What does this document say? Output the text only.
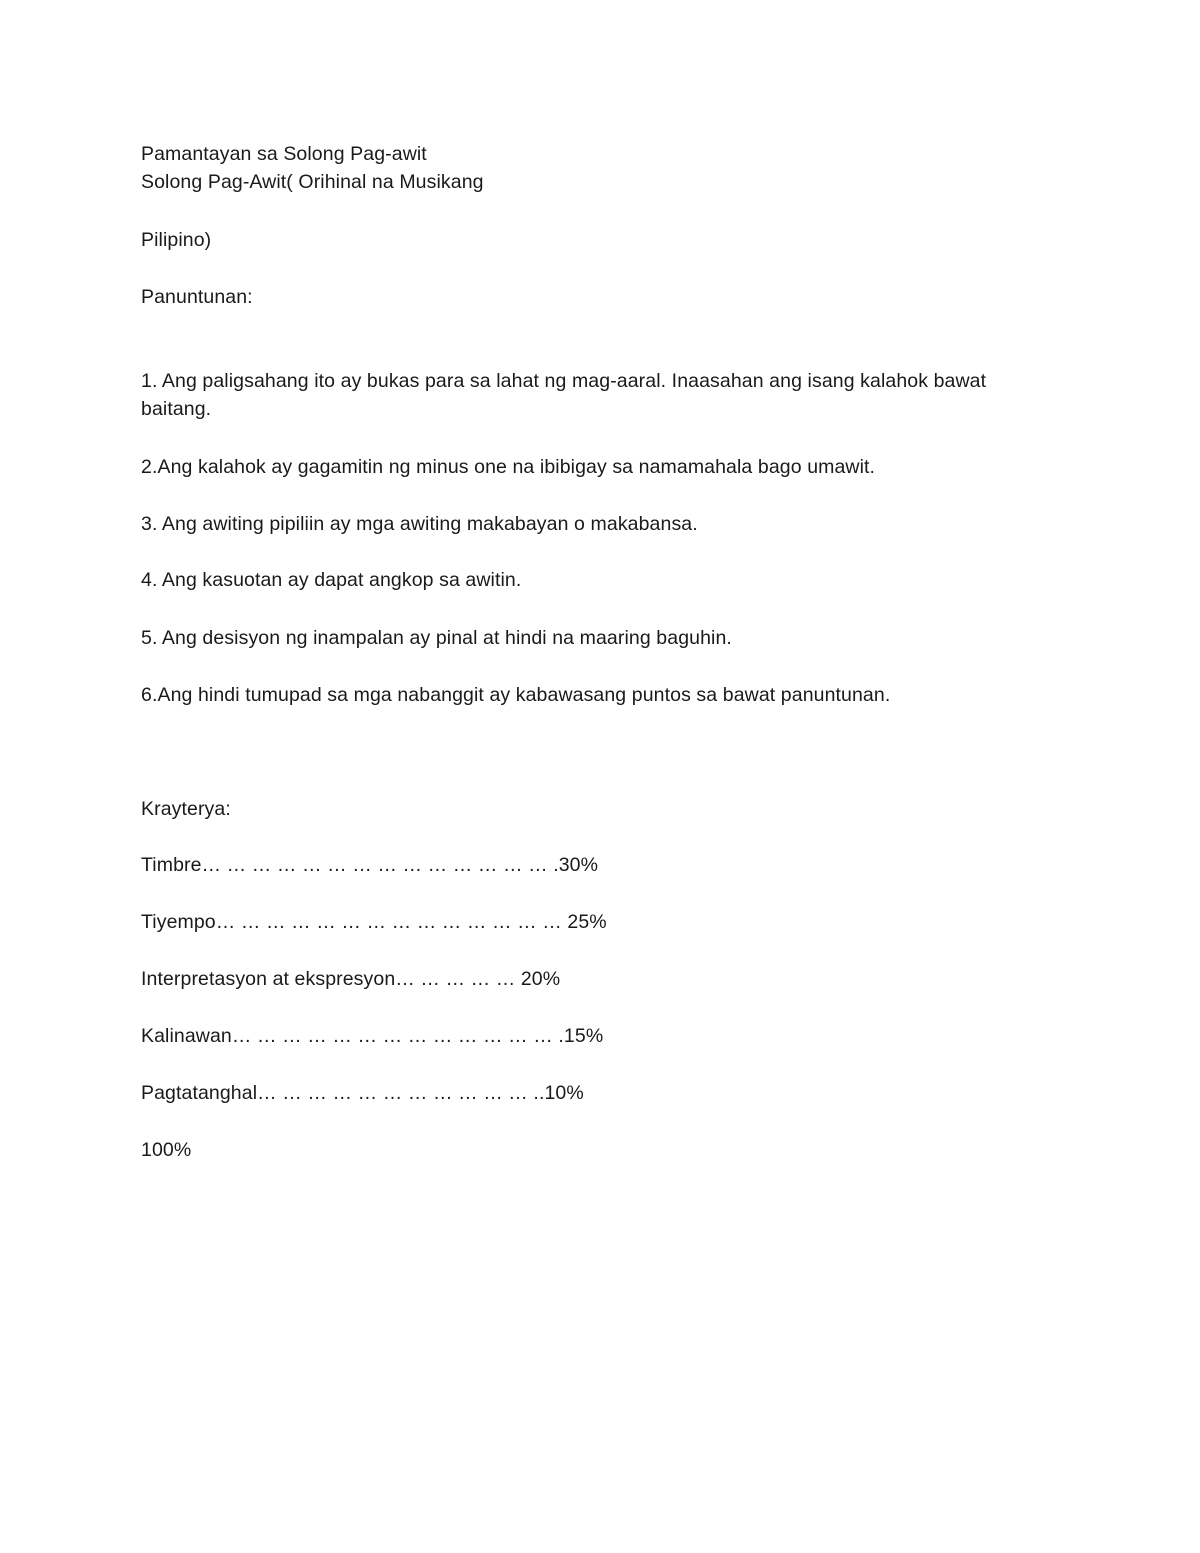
Pamantayan sa Solong Pag-awit
Solong Pag-Awit( Orihinal na Musikang
Pilipino)
Panuntunan:
1. Ang paligsahang ito ay bukas para sa lahat ng mag-aaral. Inaasahan ang isang kalahok bawat baitang.
2.Ang kalahok ay gagamitin ng minus one na ibibigay sa namamahala bago umawit.
3. Ang awiting pipiliin ay mga awiting makabayan o makabansa.
4. Ang kasuotan ay dapat angkop sa awitin.
5. Ang desisyon ng inampalan ay pinal at hindi na maaring baguhin.
6.Ang hindi tumupad sa mga nabanggit ay kabawasang puntos sa bawat panuntunan.
Krayterya:
Timbre… … … … … … … … … … … … … … .30%
Tiyempo… … … … … … … … … … … … … … 25%
Interpretasyon at ekspresyon… … … … … 20%
Kalinawan… … … … … … … … … … … … … .15%
Pagtatanghal… … … … … … … … … … … ..10%
100%
